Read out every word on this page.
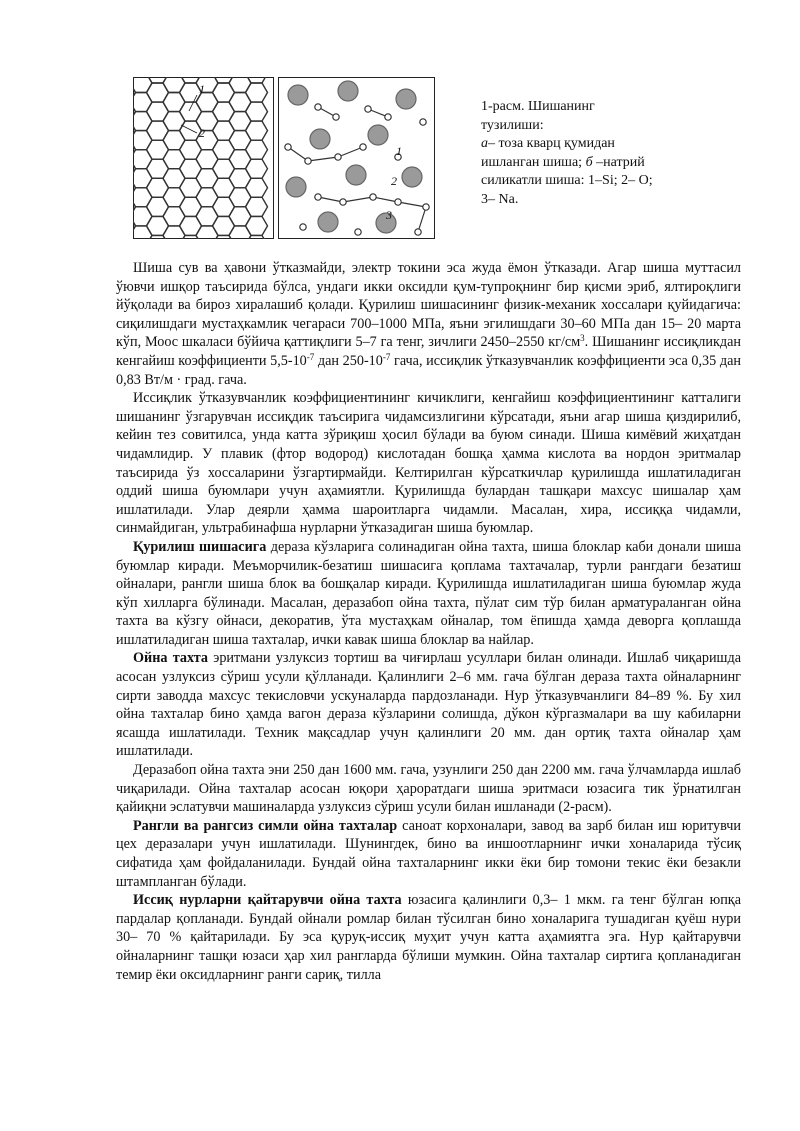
1
2
1
2
3
1-расм. Шишанинг
тузилиши:
а– тоза кварц қумидан
ишланган шиша; б –натрий
силикатли шиша: 1–Si; 2– O;
3– Na.

Шиша сув ва ҳавони ўтказмайди, электр токини эса жуда ёмон ўтказади. Агар шиша муттасил ўювчи ишқор таъсирида бўлса, ундаги икки оксидли қум-тупроқнинг бир қисми эриб, ялтироқлиги йўқолади ва бироз хиралашиб қолади. Қурилиш шишасининг физик-механик хоссалари қуйидагича: сиқилишдаги мустаҳкамлик чегараси 700–1000 МПа, яъни эгилишдаги 30–60 МПа дан 15– 20 марта кўп, Моос шкаласи бўйича қаттиқлиги 5–7 га тенг, зичлиги 2450–2550 $кг/см^3$. Шишанинг иссиқликдан кенгайиш коэффициенти $5,5-10^{-7}$ дан $250-10^{-7}$ гача, иссиқлик ўтказувчанлик коэффициенти эса 0,35 дан 0,83 Вт/м · град. гача.

Иссиқлик ўтказувчанлик коэффициентининг кичиклиги, кенгайиш коэффициентининг катталиги шишанинг ўзгарувчан иссиқдик таъсирига чидамсизлигини кўрсатади, яъни агар шиша қиздирилиб, кейин тез совитилса, унда катта зўриқиш ҳосил бўлади ва буюм синади. Шиша кимёвий жиҳатдан чидамлидир. У плавик (фтор водород) кислотадан бошқа ҳамма кислота ва нордон эритмалар таъсирида ўз хоссаларини ўзгартирмайди. Келтирилган кўрсаткичлар қурилишда ишлатиладиган оддий шиша буюмлари учун аҳамиятли. Қурилишда булардан ташқари махсус шишалар ҳам ишлатилади. Улар деярли ҳамма шароитларга чидамли. Масалан, хира, иссиққа чидамли, синмайдиган, ультрабинафша нурларни ўтказадиган шиша буюмлар.

Қурилиш шишасига дераза кўзларига солинадиган ойна тахта, шиша блоклар каби донали шиша буюмлар киради. Меъморчилик-безатиш шишасига қоплама тахтачалар, турли рангдаги безатиш ойналари, рангли шиша блок ва бошқалар киради. Қурилишда ишлатиладиган шиша буюмлар жуда кўп хилларга бўлинади. Масалан, деразабоп ойна тахта, пўлат сим тўр билан арматураланган ойна тахта ва кўзгу ойнаси, декоратив, ўта мустаҳкам ойналар, том ёпишда ҳамда деворга қоплашда ишлатиладиган шиша тахталар, ички кавак шиша блоклар ва найлар.

Ойна тахта эритмани узлуксиз тортиш ва чиғирлаш усуллари билан олинади. Ишлаб чиқаришда асосан узлуксиз сўриш усули қўлланади. Қалинлиги 2–6 мм. гача бўлган дераза тахта ойналарнинг сирти заводда махсус текисловчи ускуналарда пардозланади. Нур ўтказувчанлиги 84–89 %. Бу хил ойна тахталар бино ҳамда вагон дераза кўзларини солишда, дўкон кўргазмалари ва шу кабиларни ясашда ишлатилади. Техник мақсадлар учун қалинлиги 20 мм. дан ортиқ тахта ойналар ҳам ишлатилади.

Деразабоп ойна тахта эни 250 дан 1600 мм. гача, узунлиги 250 дан 2200 мм. гача ўлчамларда ишлаб чиқарилади. Ойна тахталар асосан юқори ҳароратдаги шиша эритмаси юзасига тик ўрнатилган қайиқни эслатувчи машиналарда узлуксиз сўриш усули билан ишланади (2-расм).

Рангли ва рангсиз симли ойна тахталар саноат корхоналари, завод ва зарб билан иш юритувчи цех деразалари учун ишлатилади. Шунингдек, бино ва иншоотларнинг ички хоналарида тўсиқ сифатида ҳам фойдаланилади. Бундай ойна тахталарнинг икки ёки бир томони текис ёки безакли штампланган бўлади.

Иссиқ нурларни қайтарувчи ойна тахта юзасига қалинлиги 0,3– 1 мкм. га тенг бўлган юпқа пардалар қопланади. Бундай ойнали ромлар билан тўсилган бино хоналарига тушадиган қуёш нури 30– 70 % қайтарилади. Бу эса қуруқ-иссиқ муҳит учун катта аҳамиятга эга. Нур қайтарувчи ойналарнинг ташқи юзаси ҳар хил рангларда бўлиши мумкин. Ойна тахталар сиртига қопланадиган темир ёки оксидларнинг ранги сариқ, тилла
